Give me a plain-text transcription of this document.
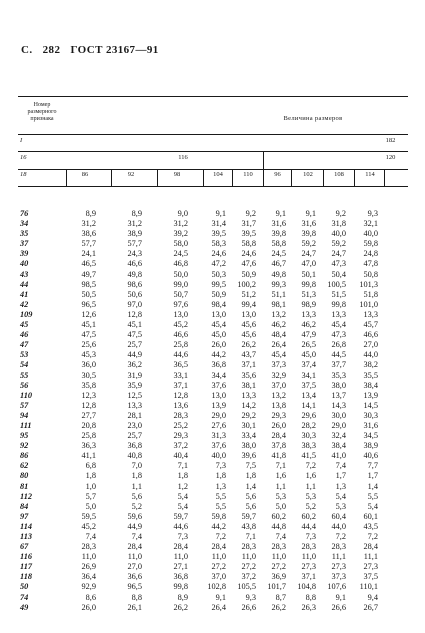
С. 282 ГОСТ 23167—91
Номер
размерного
признака	Величина размеров
I	182
16	116	120
18	86	92	98	104	110	96	102	108	114
76	8,9	8,9	9,0	9,1	9,2	9,1	9,1	9,2	9,3
34	31,2	31,2	31,2	31,4	31,7	31,6	31,6	31,8	32,1
35	38,6	38,9	39,2	39,5	39,5	39,8	39,8	40,0	40,0
37	57,7	57,7	58,0	58,3	58,8	58,8	59,2	59,2	59,8
39	24,1	24,3	24,5	24,6	24,6	24,5	24,7	24,7	24,8
40	46,5	46,6	46,8	47,2	47,6	46,7	47,0	47,3	47,8
43	49,7	49,8	50,0	50,3	50,9	49,8	50,1	50,4	50,8
44	98,5	98,6	99,0	99,5	100,2	99,3	99,8	100,5	101,3
41	50,5	50,6	50,7	50,9	51,2	51,1	51,3	51,5	51,8
42	96,5	97,0	97,6	98,4	99,4	98,1	98,9	99,8	101,0
109	12,6	12,8	13,0	13,0	13,0	13,2	13,3	13,3	13,3
45	45,1	45,1	45,2	45,4	45,6	46,2	46,2	45,4	45,7
46	47,5	47,5	46,6	45,0	45,6	48,4	47,9	47,3	46,6
47	25,6	25,7	25,8	26,0	26,2	26,4	26,5	26,8	27,0
53	45,3	44,9	44,6	44,2	43,7	45,4	45,0	44,5	44,0
54	36,0	36,2	36,5	36,8	37,1	37,3	37,4	37,7	38,2
55	30,5	31,9	33,1	34,4	35,6	32,9	34,1	35,3	35,5
56	35,8	35,9	37,1	37,6	38,1	37,0	37,5	38,0	38,4
110	12,3	12,5	12,8	13,0	13,3	13,2	13,4	13,7	13,9
57	12,8	13,3	13,6	13,9	14,2	13,8	14,1	14,3	14,5
94	27,7	28,1	28,3	29,0	29,2	29,3	29,6	30,0	30,3
111	20,8	23,0	25,2	27,6	30,1	26,0	28,2	29,0	31,6
95	25,8	25,7	29,3	31,3	33,4	28,4	30,3	32,4	34,5
92	36,3	36,8	37,2	37,6	38,0	37,8	38,3	38,4	38,9
86	41,1	40,8	40,4	40,0	39,6	41,8	41,5	41,0	40,6
62	6,8	7,0	7,1	7,3	7,5	7,1	7,2	7,4	7,7
80	1,8	1,8	1,8	1,8	1,8	1,6	1,6	1,7	1,7
81	1,0	1,1	1,2	1,3	1,4	1,1	1,1	1,3	1,4
112	5,7	5,6	5,4	5,5	5,6	5,3	5,3	5,4	5,5
84	5,0	5,2	5,4	5,5	5,6	5,0	5,2	5,3	5,4
97	59,5	59,6	59,7	59,8	59,7	60,2	60,2	60,4	60,1
114	45,2	44,9	44,6	44,2	43,8	44,8	44,4	44,0	43,5
113	7,4	7,4	7,3	7,2	7,1	7,4	7,3	7,2	7,2
67	28,3	28,4	28,4	28,4	28,3	28,3	28,3	28,3	28,4
116	11,0	11,0	11,0	11,0	11,0	11,0	11,0	11,1	11,1
117	26,9	27,0	27,1	27,2	27,2	27,2	27,3	27,3	27,3
118	36,4	36,6	36,8	37,0	37,2	36,9	37,1	37,3	37,5
50	92,9	96,5	99,8	102,8	105,5	101,7	104,8	107,6	110,1
74	8,6	8,8	8,9	9,1	9,3	8,7	8,8	9,1	9,4
49	26,0	26,1	26,2	26,4	26,6	26,2	26,3	26,6	26,7
